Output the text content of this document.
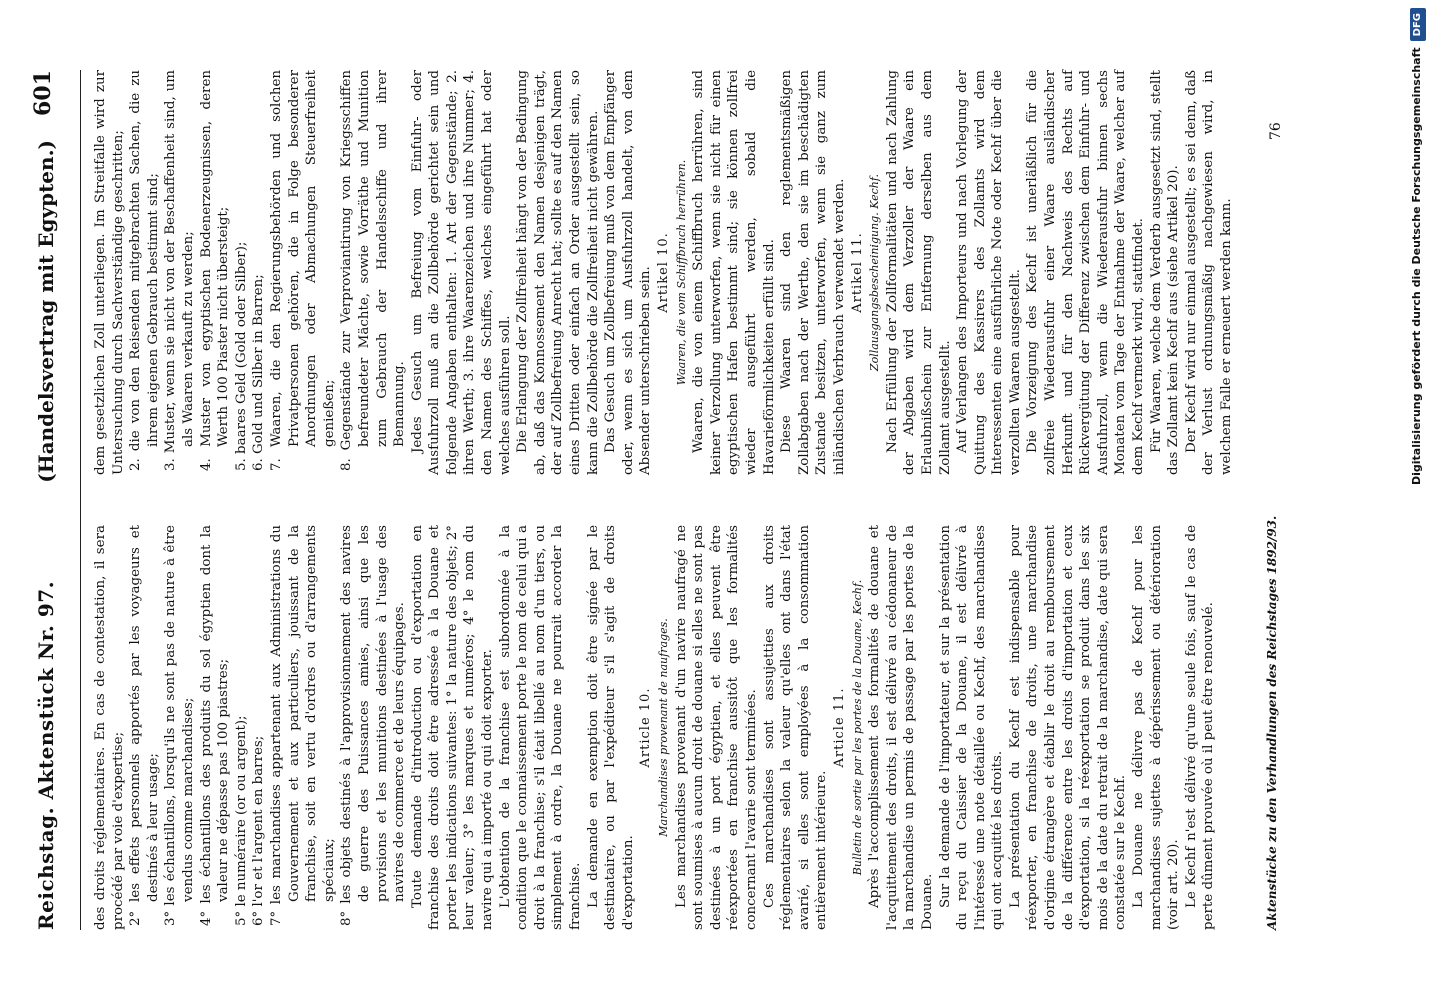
Reichstag. Aktenstück Nr. 97.
(Handelsvertrag mit Egypten.)
601

des droits réglementaires. En cas de contestation, il sera procédé par voie d'expertise; 2° les effets personnels apportés par les voyageurs et destinés à leur usage; 3° les échantillons, lorsqu'ils ne sont pas de nature à être vendus comme marchandises; 4° les échantillons des produits du sol égyptien dont la valeur ne dépasse pas 100 piastres; 5° le numéraire (or ou argent); 6° l'or et l'argent en barres; 7° les marchandises appartenant aux Administrations du Gouvernement et aux particuliers, jouissant de la franchise, soit en vertu d'ordres ou d'arrangements spéciaux; 8° les objets destinés à l'approvisionnement des navires de guerre des Puissances amies, ainsi que les provisions et les munitions destinées à l'usage des navires de commerce et de leurs équipages. Toute demande d'introduction ou d'exportation en franchise des droits doit être adressée à la Douane et porter les indications suivantes: 1° la nature des objets; 2° leur valeur; 3° les marques et numéros; 4° le nom du navire qui a importé ou qui doit exporter. L'obtention de la franchise est subordonnée à la condition que le connaissement porte le nom de celui qui a droit à la franchise; s'il était libellé au nom d'un tiers, ou simplement à ordre, la Douane ne pourrait accorder la franchise. La demande en exemption doit être signée par le destinataire, ou par l'expéditeur s'il s'agit de droits d'exportation.

Article 10. Marchandises provenant de naufrages. Les marchandises provenant d'un navire naufragé ne sont soumises à aucun droit de douane si elles ne sont pas destinées à un port égyptien, et elles peuvent être réexportées en franchise aussitôt que les formalités concernant l'avarie sont terminées. Ces marchandises sont assujetties aux droits réglementaires selon la valeur qu'elles ont dans l'état avarié, si elles sont employées à la consommation entièrement intérieure.

Article 11. Bulletin de sortie par les portes de la Douane, Kechf. Après l'accomplissement des formalités de douane et l'acquittement des droits, il est délivré au cédonaneur de la marchandise un permis de passage par les portes de la Douane. Sur la demande de l'importateur, et sur la présentation du reçu du Caissier de la Douane, il est délivré à l'intéressé une note détaillée ou Kechf, des marchandises qui ont acquitté les droits. La présentation du Kechf est indispensable pour réexporter, en franchise de droits, une marchandise d'origine étrangère et établir le droit au remboursement de la différence entre les droits d'importation et ceux d'exportation, si la réexportation se produit dans les six mois de la date du retrait de la marchandise, date qui sera constatée sur le Kechf. La Douane ne délivre pas de Kechf pour les marchandises sujettes à dépérissement ou détérioration (voir art. 20). Le Kechf n'est délivré qu'une seule fois, sauf le cas de perte dûment prouvée où il peut être renouvelé.

dem gesetzlichen Zoll unterliegen. Im Streitfalle wird zur Untersuchung durch Sachverständige geschritten; 2. die von den Reisenden mitgebrachten Sachen, die zu ihrem eigenen Gebrauch bestimmt sind; 3. Muster, wenn sie nicht von der Beschaffenheit sind, um als Waaren verkauft zu werden; 4. Muster von egyptischen Bodenerzeugnissen, deren Werth 100 Piaster nicht übersteigt; 5. baares Geld (Gold oder Silber); 6. Gold und Silber in Barren; 7. Waaren, die den Regierungsbehörden und solchen Privatpersonen gehören, die in Folge besonderer Anordnungen oder Abmachungen Steuerfreiheit genießen; 8. Gegenstände zur Verproviantirung von Kriegsschiffen befreundeter Mächte, sowie Vorräthe und Munition zum Gebrauch der Handelsschiffe und ihrer Bemannung. Jedes Gesuch um Befreiung vom Einfuhr- oder Ausfuhrzoll muß an die Zollbehörde gerichtet sein und folgende Angaben enthalten: 1. Art der Gegenstände; 2. ihren Werth; 3. ihre Waarenzeichen und ihre Nummer; 4. den Namen des Schiffes, welches eingeführt hat oder welches ausführen soll. Die Erlangung der Zollfreiheit hängt von der Bedingung ab, daß das Konnossement den Namen desjenigen trägt, der auf Zollbefreiung Anrecht hat; sollte es auf den Namen eines Dritten oder einfach an Order ausgestellt sein, so kann die Zollbehörde die Zollfreiheit nicht gewähren. Das Gesuch um Zollbefreiung muß von dem Empfänger oder, wenn es sich um Ausfuhrzoll handelt, von dem Absender unterschrieben sein. Artikel 10. Waaren, die vom Schiffbruch herrühren. Waaren, die von einem Schiffbruch herrühren, sind keiner Verzollung unterworfen, wenn sie nicht für einen egyptischen Hafen bestimmt sind; sie können zollfrei wieder ausgeführt werden, sobald die Havarieförmlichkeiten erfüllt sind. Diese Waaren sind den reglementsmäßigen Zollabgaben nach der Werthe, den sie im beschädigten Zustande besitzen, unterworfen, wenn sie ganz zum inländischen Verbrauch verwendet werden. Artikel 11. Zollausgangsbescheinigung. Kechf. Nach Erfüllung der Zollformalitäten und nach Zahlung der Abgaben wird dem Verzoller der Waare ein Erlaubnißschein zur Entfernung derselben aus dem Zollamt ausgestellt. Auf Verlangen des Importeurs und nach Vorlegung der Quittung des Kassirers des Zollamts wird dem Interessenten eine ausführliche Note oder Kechf über die verzollten Waaren ausgestellt. Die Vorzeigung des Kechf ist unerläßlich für die zollfreie Wiederausfuhr einer Waare ausländischer Herkunft und für den Nachweis des Rechts auf Rückvergütung der Differenz zwischen dem Einfuhr- und Ausfuhrzoll, wenn die Wiederausfuhr binnen sechs Monaten vom Tage der Entnahme der Waare, welcher auf dem Kechf vermerkt wird, stattfindet. Für Waaren, welche dem Verderb ausgesetzt sind, stellt das Zollamt kein Kechf aus (siehe Artikel 20). Der Kechf wird nur einmal ausgestellt; es sei denn, daß der Verlust ordnungsmäßig nachgewiesen wird, in welchem Falle er erneuert werden kann.

Aktenstücke zu den Verhandlungen des Reichstages 1892/93.
76	Digitalisierung gefördert durch die Deutsche ForschungsgemeinschaftDFG
